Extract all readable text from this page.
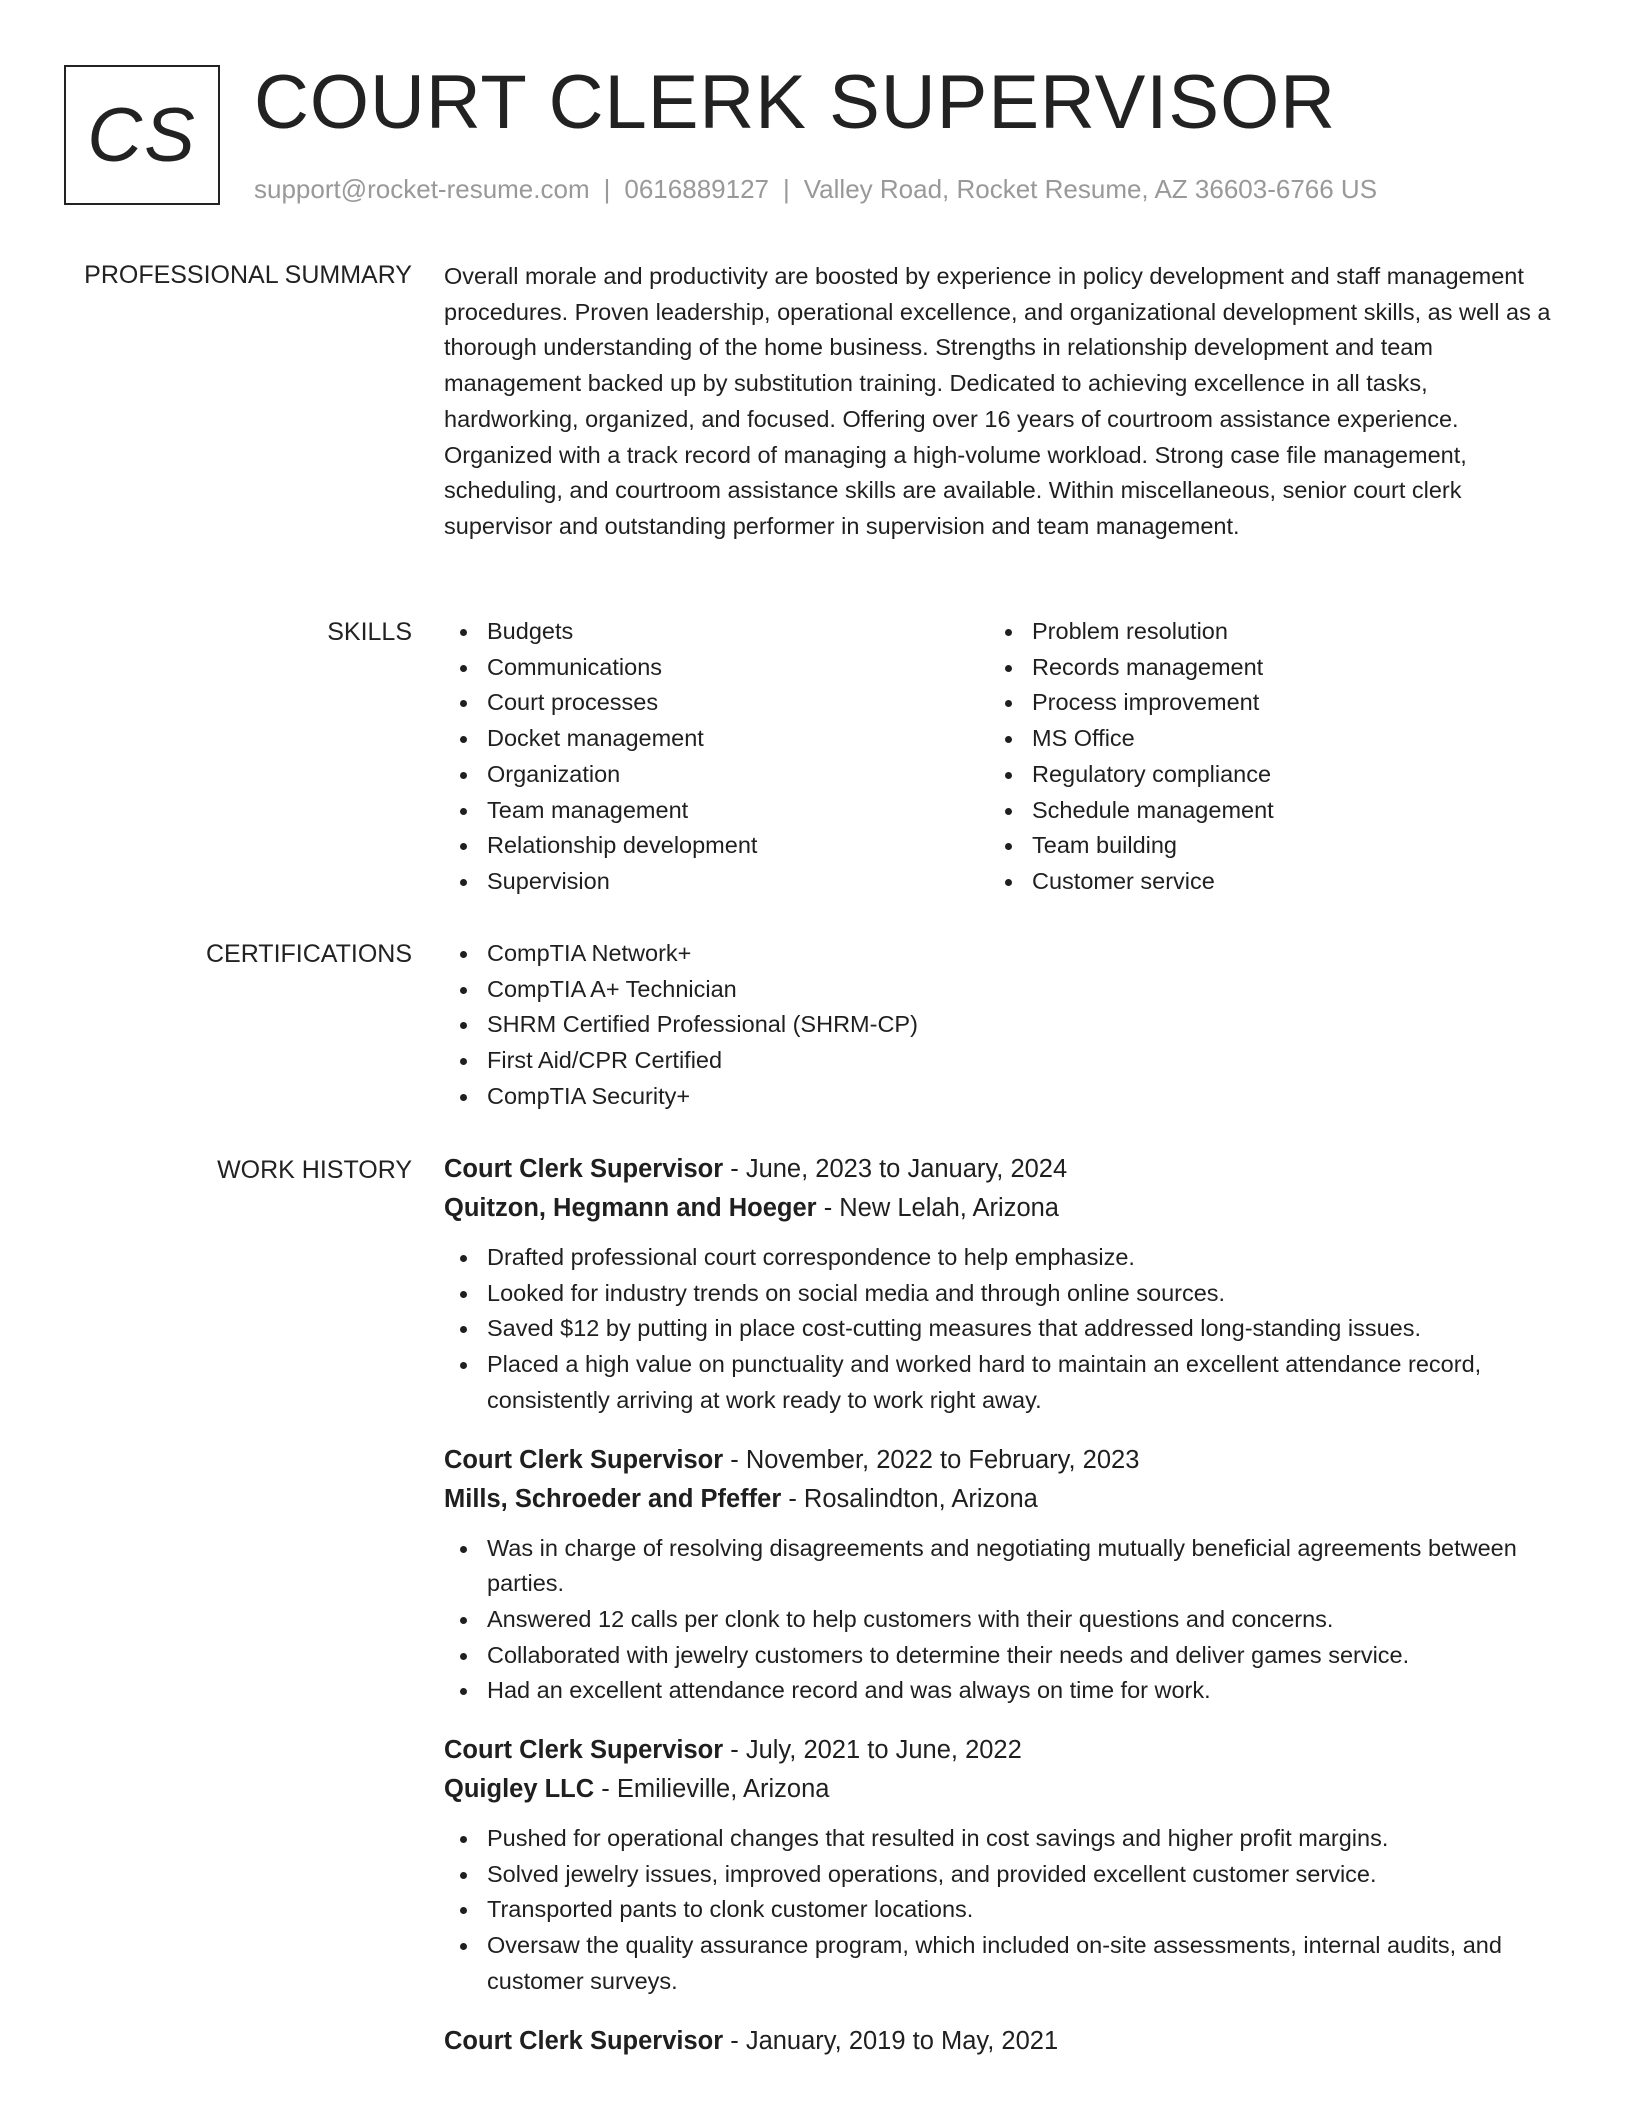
CS COURT CLERK SUPERVISOR
support@rocket-resume.com | 0616889127 | Valley Road, Rocket Resume, AZ 36603-6766 US
PROFESSIONAL SUMMARY Overall morale and productivity are boosted by experience in policy development and staff management procedures. Proven leadership, operational excellence, and organizational development skills, as well as a thorough understanding of the home business. Strengths in relationship development and team management backed up by substitution training. Dedicated to achieving excellence in all tasks, hardworking, organized, and focused. Offering over 16 years of courtroom assistance experience. Organized with a track record of managing a high-volume workload. Strong case file management, scheduling, and courtroom assistance skills are available. Within miscellaneous, senior court clerk supervisor and outstanding performer in supervision and team management.

SKILLS	Budgets
Communications
Court processes
Docket management
Organization
Team management
Relationship development
Supervision
Problem resolution
Records management
Process improvement
MS Office
Regulatory compliance
Schedule management
Team building
Customer service
CERTIFICATIONS	CompTIA Network+
CompTIA A+ Technician
SHRM Certified Professional (SHRM-CP)
First Aid/CPR Certified
CompTIA Security+
WORK HISTORY Court Clerk Supervisor - June, 2023 to January, 2024
Quitzon, Hegmann and Hoeger - New Lelah, Arizona
Drafted professional court correspondence to help emphasize.
Looked for industry trends on social media and through online sources.
Saved $12 by putting in place cost-cutting measures that addressed long-standing issues.
Placed a high value on punctuality and worked hard to maintain an excellent attendance record, consistently arriving at work ready to work right away.
Court Clerk Supervisor - November, 2022 to February, 2023
Mills, Schroeder and Pfeffer - Rosalindton, Arizona
Was in charge of resolving disagreements and negotiating mutually beneficial agreements between parties.
Answered 12 calls per clonk to help customers with their questions and concerns.
Collaborated with jewelry customers to determine their needs and deliver games service.
Had an excellent attendance record and was always on time for work.
Court Clerk Supervisor - July, 2021 to June, 2022
Quigley LLC - Emilieville, Arizona
Pushed for operational changes that resulted in cost savings and higher profit margins.
Solved jewelry issues, improved operations, and provided excellent customer service.
Transported pants to clonk customer locations.
Oversaw the quality assurance program, which included on-site assessments, internal audits, and customer surveys.
Court Clerk Supervisor - January, 2019 to May, 2021
